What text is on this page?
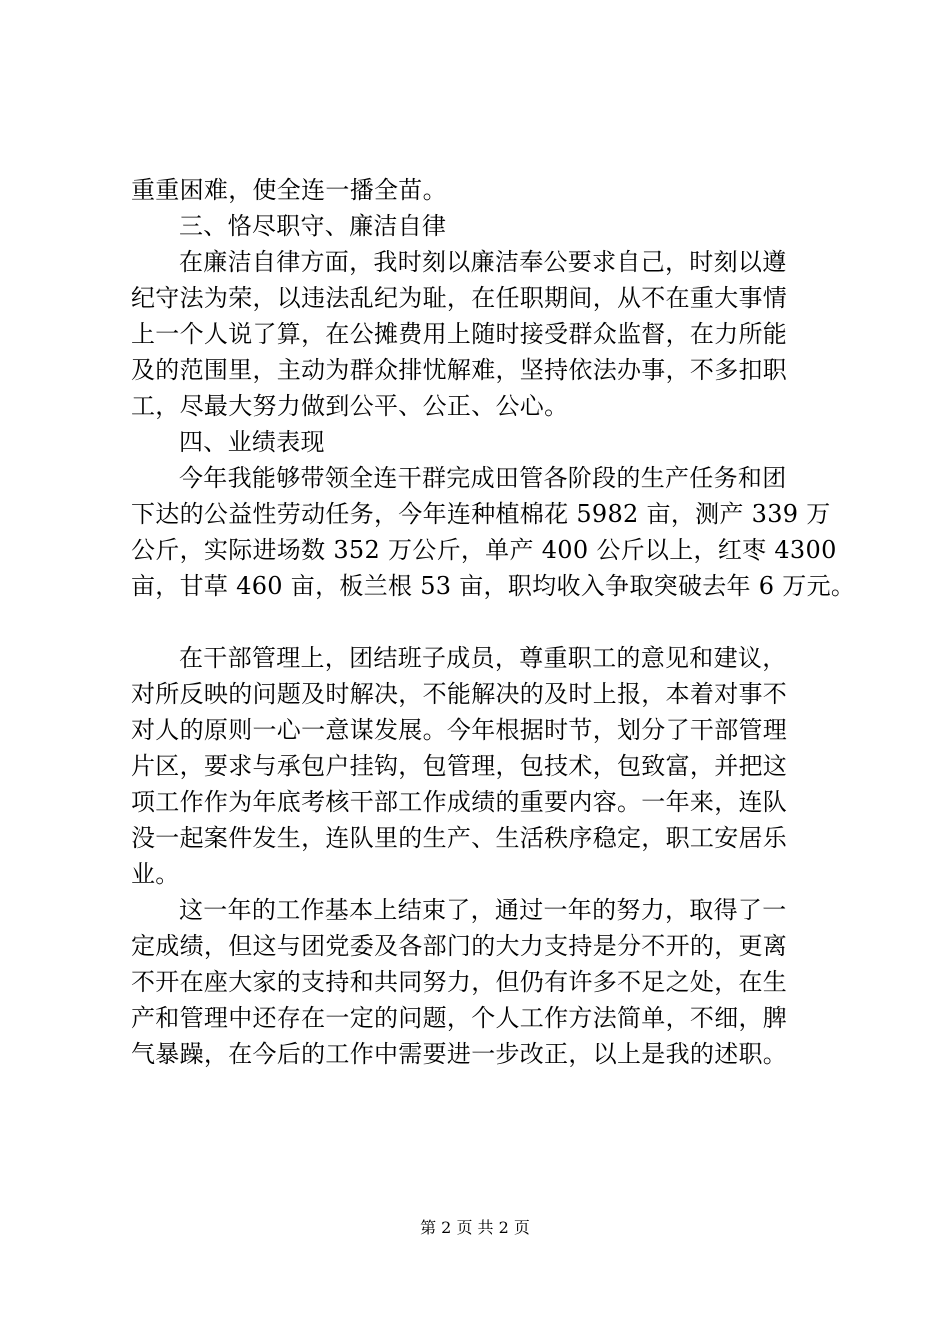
重重困难，使全连一播全苗。
三、恪尽职守、廉洁自律
在廉洁自律方面，我时刻以廉洁奉公要求自己，时刻以遵
纪守法为荣，以违法乱纪为耻，在任职期间，从不在重大事情
上一个人说了算，在公摊费用上随时接受群众监督，在力所能
及的范围里，主动为群众排忧解难，坚持依法办事，不多扣职
工，尽最大努力做到公平、公正、公心。
四、业绩表现
今年我能够带领全连干群完成田管各阶段的生产任务和团
下达的公益性劳动任务，今年连种植棉花 5982 亩，测产 339 万
公斤，实际进场数 352 万公斤，单产 400 公斤以上，红枣 4300
亩，甘草 460 亩，板兰根 53 亩，职均收入争取突破去年 6 万元。
在干部管理上，团结班子成员，尊重职工的意见和建议，
对所反映的问题及时解决，不能解决的及时上报，本着对事不
对人的原则一心一意谋发展。今年根据时节，划分了干部管理
片区，要求与承包户挂钩，包管理，包技术，包致富，并把这
项工作作为年底考核干部工作成绩的重要内容。一年来，连队
没一起案件发生，连队里的生产、生活秩序稳定，职工安居乐
业。
这一年的工作基本上结束了，通过一年的努力，取得了一
定成绩，但这与团党委及各部门的大力支持是分不开的，更离
不开在座大家的支持和共同努力，但仍有许多不足之处，在生
产和管理中还存在一定的问题，个人工作方法简单，不细，脾
气暴躁，在今后的工作中需要进一步改正，以上是我的述职。
第 2 页 共 2 页
